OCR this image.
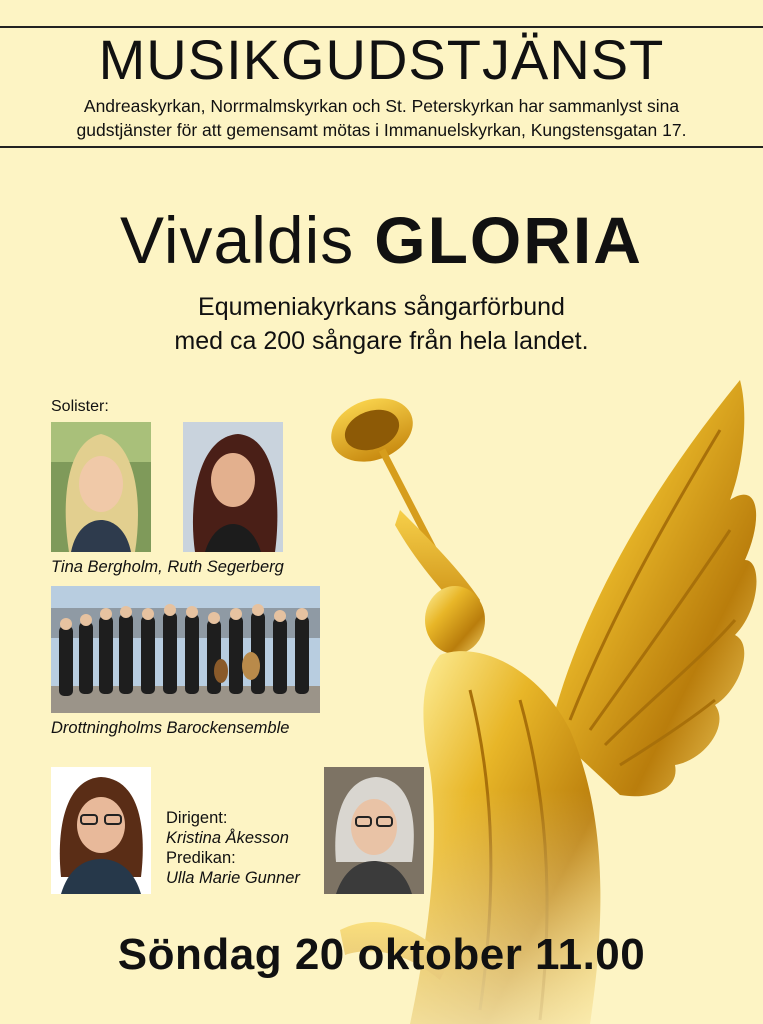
MUSIKGUDSTJÄNST
Andreaskyrkan, Norrmalmskyrkan och St. Peterskyrkan har sammanlyst sina
gudstjänster för att gemensamt mötas i Immanuelskyrkan, Kungstensgatan 17.
Vivaldis GLORIA
Equmeniakyrkans sångarförbund
med ca 200 sångare från hela landet.
Solister:
Tina Bergholm, Ruth Segerberg
Drottningholms Barockensemble
Dirigent:
Kristina Åkesson
Predikan:
Ulla Marie Gunner
Söndag 20 oktober 11.00
